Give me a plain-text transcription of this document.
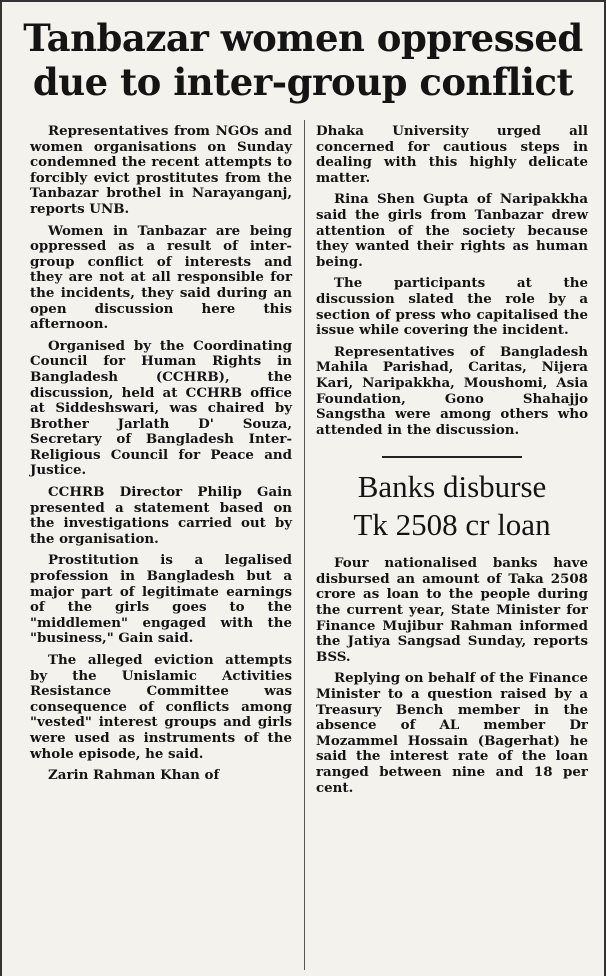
Tanbazar women oppressed
due to inter-group conflict

Representatives from NGOs and women organisations on Sunday condemned the recent attempts to forcibly evict prostitutes from the Tanbazar brothel in Narayanganj, reports UNB.

Women in Tanbazar are being oppressed as a result of inter-group conflict of interests and they are not at all responsible for the incidents, they said during an open discussion here this afternoon.

Organised by the Coordinating Council for Human Rights in Bangladesh (CCHRB), the discussion, held at CCHRB office at Siddeshswari, was chaired by Brother Jarlath D' Souza, Secretary of Bangladesh Inter-Religious Council for Peace and Justice.

CCHRB Director Philip Gain presented a statement based on the investigations carried out by the organisation.

Prostitution is a legalised profession in Bangladesh but a major part of legitimate earnings of the girls goes to the "middlemen" engaged with the "business," Gain said.

The alleged eviction attempts by the Unislamic Activities Resistance Committee was consequence of conflicts among "vested" interest groups and girls were used as instruments of the whole episode, he said.

Zarin Rahman Khan of

Dhaka University urged all concerned for cautious steps in dealing with this highly delicate matter.

Rina Shen Gupta of Naripakkha said the girls from Tanbazar drew attention of the society because they wanted their rights as human being.

The participants at the discussion slated the role by a section of press who capitalised the issue while covering the incident.

Representatives of Bangladesh Mahila Parishad, Caritas, Nijera Kari, Naripakkha, Moushomi, Asia Foundation, Gono Shahajjo Sangstha were among others who attended in the discussion.

Banks disburse
Tk 2508 cr loan

Four nationalised banks have disbursed an amount of Taka 2508 crore as loan to the people during the current year, State Minister for Finance Mujibur Rahman informed the Jatiya Sangsad Sunday, reports BSS.

Replying on behalf of the Finance Minister to a question raised by a Treasury Bench member in the absence of AL member Dr Mozammel Hossain (Bagerhat) he said the interest rate of the loan ranged between nine and 18 per cent.
